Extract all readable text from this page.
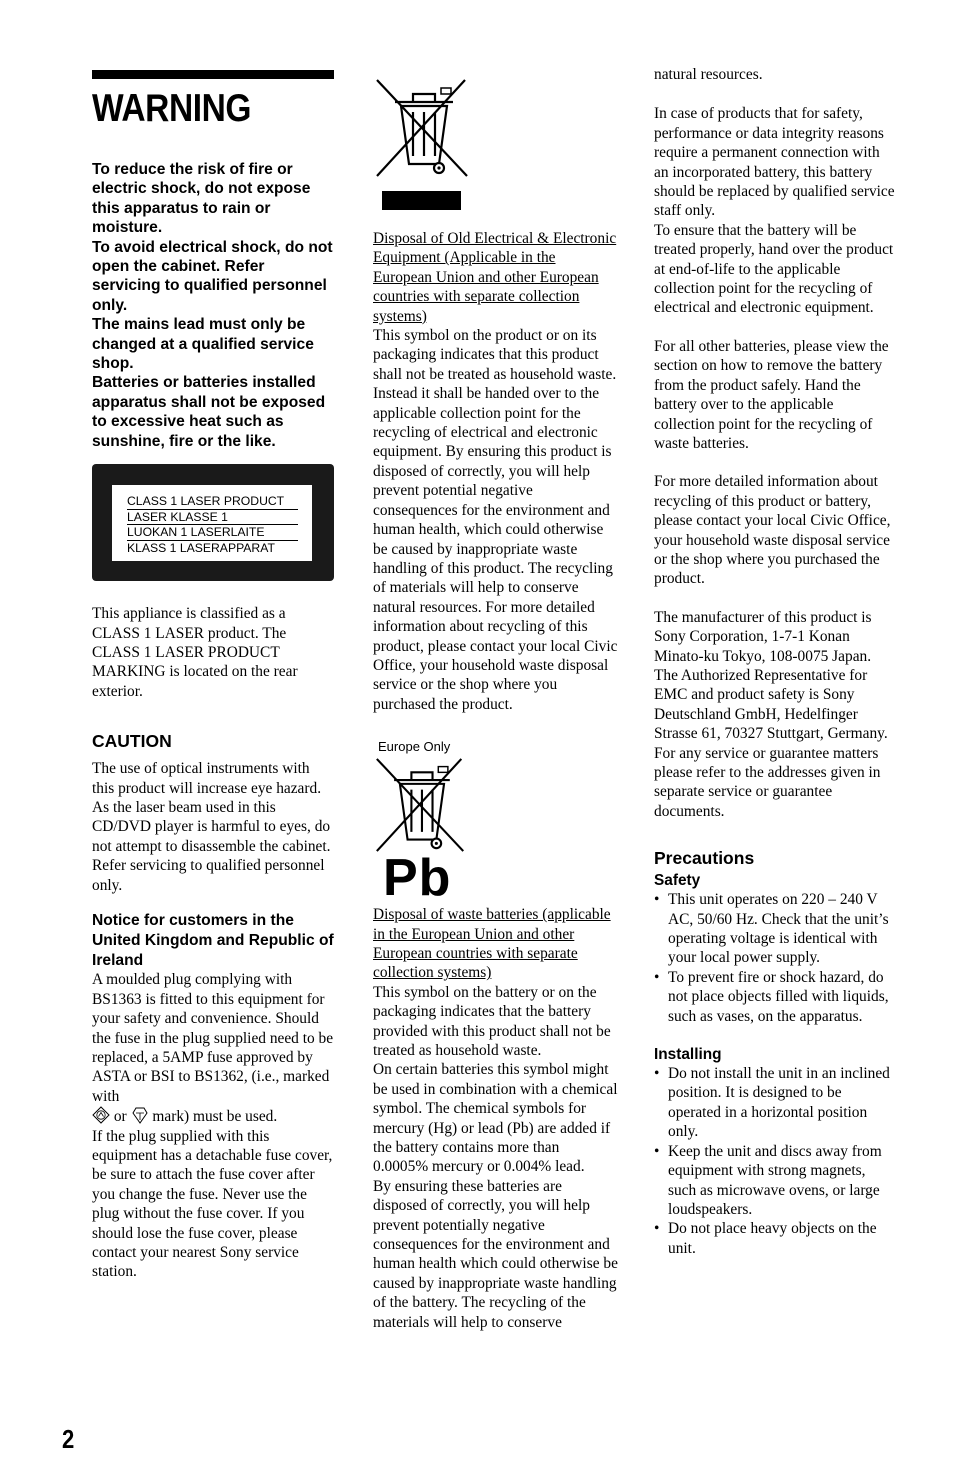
WARNING
To reduce the risk of fire or electric shock, do not expose this apparatus to rain or moisture.
To avoid electrical shock, do not open the cabinet. Refer servicing to qualified personnel only.
The mains lead must only be changed at a qualified service shop.
Batteries or batteries installed apparatus shall not be exposed to excessive heat such as sunshine, fire or the like.
CLASS 1 LASER PRODUCT
LASER KLASSE 1
LUOKAN 1 LASERLAITE
KLASS 1 LASERAPPARAT

This appliance is classified as a CLASS 1 LASER product. The CLASS 1 LASER PRODUCT MARKING is located on the rear exterior.

CAUTION

The use of optical instruments with this product will increase eye hazard. As the laser beam used in this CD/DVD player is harmful to eyes, do not attempt to disassemble the cabinet.
Refer servicing to qualified personnel only.

Notice for customers in the United Kingdom and Republic of Ireland

A moulded plug complying with BS1363 is fitted to this equipment for your safety and convenience. Should the fuse in the plug supplied need to be replaced, a 5AMP fuse approved by ASTA or BSI to BS1362, (i.e., marked with
or mark) must be used.
If the plug supplied with this equipment has a detachable fuse cover, be sure to attach the fuse cover after you change the fuse. Never use the plug without the fuse cover. If you should lose the fuse cover, please contact your nearest Sony service station.

Disposal of Old Electrical & Electronic Equipment (Applicable in the European Union and other European countries with separate collection systems)

This symbol on the product or on its packaging indicates that this product shall not be treated as household waste. Instead it shall be handed over to the applicable collection point for the recycling of electrical and electronic equipment. By ensuring this product is disposed of correctly, you will help prevent potential negative consequences for the environment and human health, which could otherwise be caused by inappropriate waste handling of this product. The recycling of materials will help to conserve natural resources. For more detailed information about recycling of this product, please contact your local Civic Office, your household waste disposal service or the shop where you purchased the product.

Europe Only
Pb

Disposal of waste batteries (applicable in the European Union and other European countries with separate collection systems)

This symbol on the battery or on the packaging indicates that the battery provided with this product shall not be treated as household waste.
On certain batteries this symbol might be used in combination with a chemical symbol. The chemical symbols for mercury (Hg) or lead (Pb) are added if the battery contains more than 0.0005% mercury or 0.004% lead.
By ensuring these batteries are disposed of correctly, you will help prevent potentially negative consequences for the environment and human health which could otherwise be caused by inappropriate waste handling of the battery. The recycling of the materials will help to conserve

natural resources.

In case of products that for safety, performance or data integrity reasons require a permanent connection with an incorporated battery, this battery should be replaced by qualified service staff only.
To ensure that the battery will be treated properly, hand over the product at end-of-life to the applicable collection point for the recycling of electrical and electronic equipment.

For all other batteries, please view the section on how to remove the battery from the product safely. Hand the battery over to the applicable collection point for the recycling of waste batteries.

For more detailed information about recycling of this product or battery, please contact your local Civic Office, your household waste disposal service or the shop where you purchased the product.

The manufacturer of this product is Sony Corporation, 1-7-1 Konan Minato-ku Tokyo, 108-0075 Japan. The Authorized Representative for EMC and product safety is Sony Deutschland GmbH, Hedelfinger Strasse 61, 70327 Stuttgart, Germany. For any service or guarantee matters please refer to the addresses given in separate service or guarantee documents.

Precautions
Safety
• This unit operates on 220 – 240 V AC, 50/60 Hz. Check that the unit’s operating voltage is identical with your local power supply.
• To prevent fire or shock hazard, do not place objects filled with liquids, such as vases, on the apparatus.
Installing
• Do not install the unit in an inclined position. It is designed to be operated in a horizontal position only.
• Keep the unit and discs away from equipment with strong magnets, such as microwave ovens, or large loudspeakers.
• Do not place heavy objects on the unit.
2
